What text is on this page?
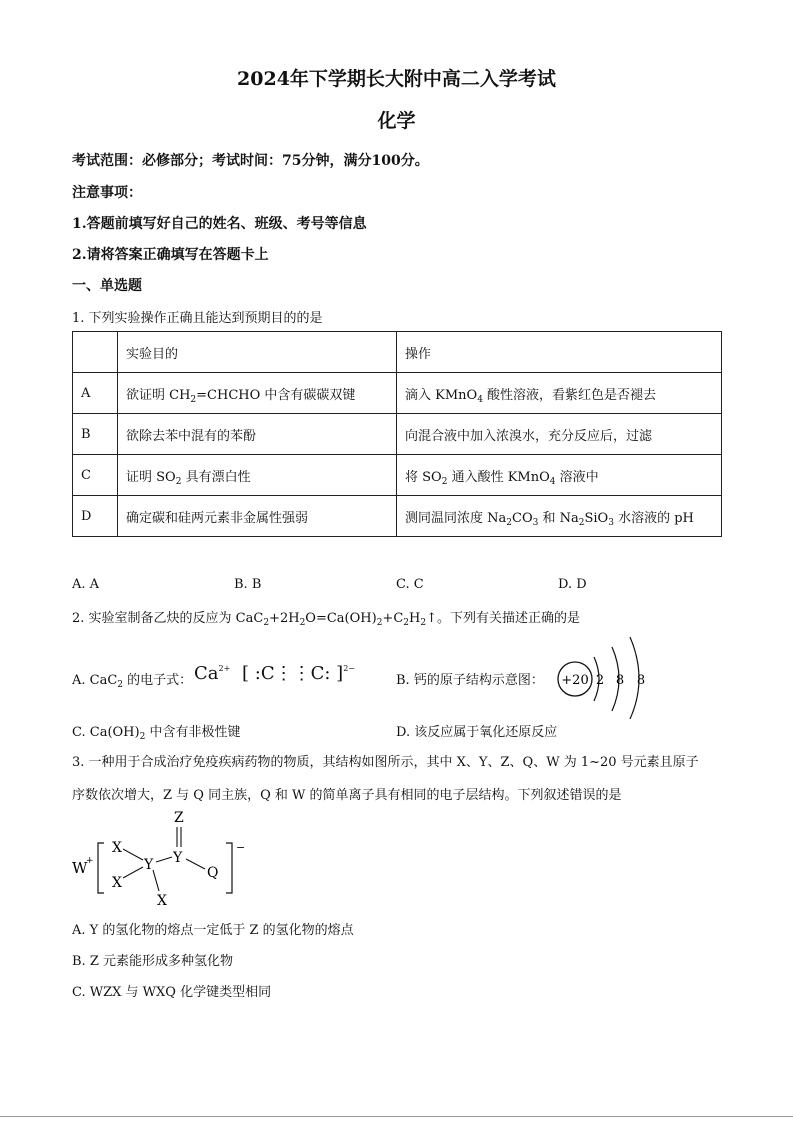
2024年下学期长大附中高二入学考试
化学
考试范围：必修部分；考试时间：75分钟，满分100分。
注意事项：
1.答题前填写好自己的姓名、班级、考号等信息
2.请将答案正确填写在答题卡上
一、单选题
1. 下列实验操作正确且能达到预期目的的是
	实验目的	操作
A	欲证明 $CH_2=CHCHO$ 中含有碳碳双键	滴入 KMnO$_4$ 酸性溶液，看紫红色是否褪去
B	欲除去苯中混有的苯酚	向混合液中加入浓溴水，充分反应后，过滤
C	证明 $SO_2$ 具有漂白性	将 $SO_2$ 通入酸性 KMnO$_4$ 溶液中
D	确定碳和硅两元素非金属性强弱	测同温同浓度 $Na_2CO_3$ 和 $Na_2SiO_3$ 水溶液的 pH
A. A	B. B	C. C	D. D
2. 实验室制备乙炔的反应为 $CaC_2+2H_2O=Ca(OH)_2+C_2H_2↑$。下列有关描述正确的是
A. CaC$_2$ 的电子式： $Ca^{2+}$ [ :C⋮⋮C: ]$^{2-}$
B. 钙的原子结构示意图： +20 2 8 8
C. $Ca(OH)_2$ 中含有非极性键	D. 该反应属于氧化还原反应
3. 一种用于合成治疗免疫疾病药物的物质，其结构如图所示，其中 X、Y、Z、Q、W 为 1~20 号元素且原子
序数依次增大，Z 与 Q 同主族，Q 和 W 的简单离子具有相同的电子层结构。下列叙述错误的是
W
+
−
X
Y
X
X
Y
Z
Q
A. Y 的氢化物的熔点一定低于 Z 的氢化物的熔点
B. Z 元素能形成多种氢化物
C. WZX 与 WXQ 化学键类型相同
